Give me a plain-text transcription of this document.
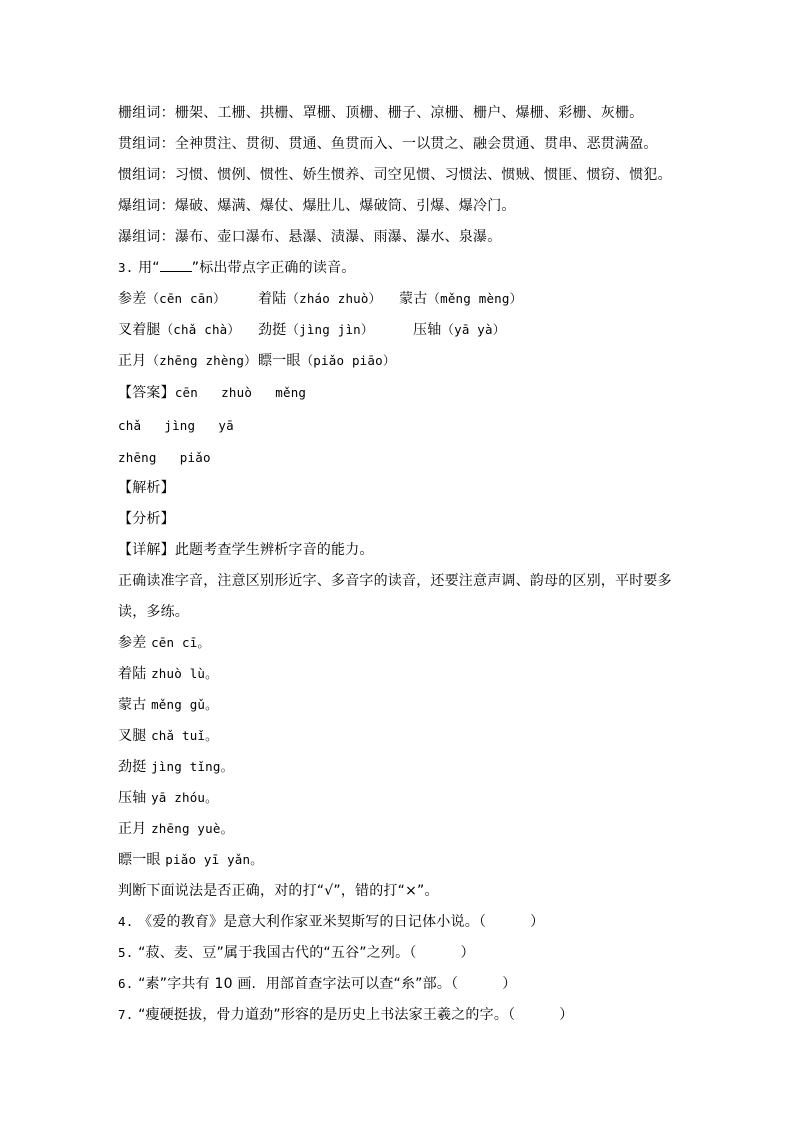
栅组词：栅架、工栅、拱栅、罩栅、顶栅、栅子、凉栅、栅户、爆栅、彩栅、灰栅。
贯组词：全神贯注、贯彻、贯通、鱼贯而入、一以贯之、融会贯通、贯串、恶贯满盈。
惯组词：习惯、惯例、惯性、娇生惯养、司空见惯、习惯法、惯贼、惯匪、惯窃、惯犯。
爆组词：爆破、爆满、爆仗、爆肚儿、爆破筒、引爆、爆冷门。
瀑组词：瀑布、壶口瀑布、悬瀑、渍瀑、雨瀑、瀑水、泉瀑。
3. 用“ ”标出带点字正确的读音。
参差（cēn cān） 着陆（zháo zhuò） 蒙古（měng mèng）
叉着腿（chǎ chà） 劲挺（jìng jìn）	压轴（yā yà）
正月（zhēng zhèng） 瞟一眼（piǎo piāo）
【答案】cēn   zhuò   měng
chǎ   jìng   yā
zhēng   piǎo
【解析】
【分析】
【详解】此题考查学生辨析字音的能力。
正确读准字音，注意区别形近字、多音字的读音，还要注意声调、韵母的区别，平时要多读，多练。
参差 cēn cī。
着陆 zhuò lù。
蒙古 měng gǔ。
叉腿 chǎ tuǐ。
劲挺 jìng tǐng。
压轴 yā zhóu。
正月 zhēng yuè。
瞟一眼 piǎo yī yǎn。
判断下面说法是否正确，对的打“√”，错的打“×”。
4. 《爱的教育》是意大利作家亚米契斯写的日记体小说。（	）
5. “菽、麦、豆”属于我国古代的“五谷”之列。（	）
6. “素”字共有 10 画．用部首查字法可以查“糸”部。（	）
7. “瘦硬挺拔，骨力道劲”形容的是历史上书法家王羲之的字。（	）
